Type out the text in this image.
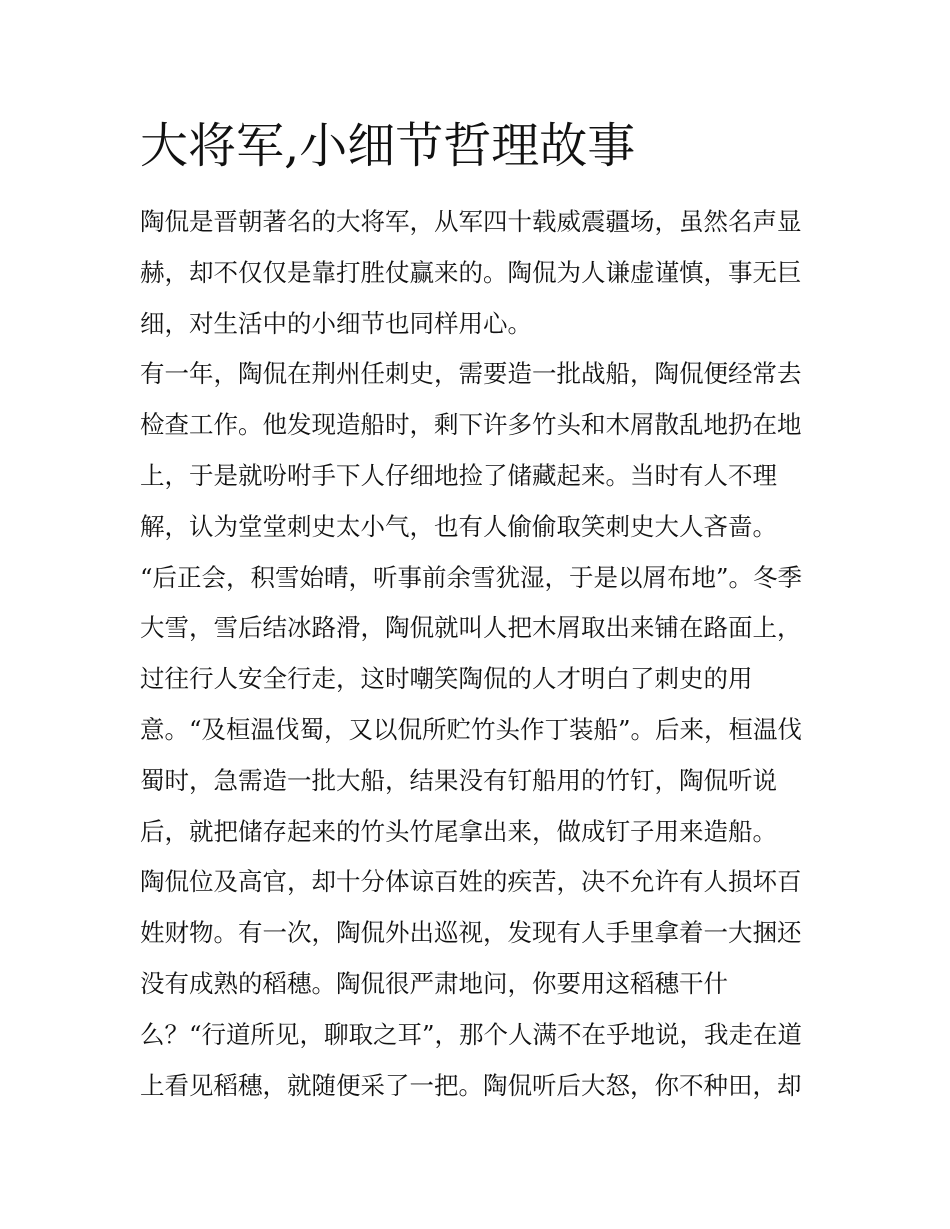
大将军,小细节哲理故事
陶侃是晋朝著名的大将军，从军四十载威震疆场，虽然名声显
赫，却不仅仅是靠打胜仗赢来的。陶侃为人谦虚谨慎，事无巨
细，对生活中的小细节也同样用心。
有一年，陶侃在荆州任刺史，需要造一批战船，陶侃便经常去
检查工作。他发现造船时，剩下许多竹头和木屑散乱地扔在地
上，于是就吩咐手下人仔细地捡了储藏起来。当时有人不理
解，认为堂堂刺史太小气，也有人偷偷取笑刺史大人吝啬。
“后正会，积雪始晴，听事前余雪犹湿，于是以屑布地”。冬季
大雪，雪后结冰路滑，陶侃就叫人把木屑取出来铺在路面上，
过往行人安全行走，这时嘲笑陶侃的人才明白了刺史的用
意。“及桓温伐蜀，又以侃所贮竹头作丁装船”。后来，桓温伐
蜀时，急需造一批大船，结果没有钉船用的竹钉，陶侃听说
后，就把储存起来的竹头竹尾拿出来，做成钉子用来造船。
陶侃位及高官，却十分体谅百姓的疾苦，决不允许有人损坏百
姓财物。有一次，陶侃外出巡视，发现有人手里拿着一大捆还
没有成熟的稻穗。陶侃很严肃地问，你要用这稻穗干什
么？“行道所见，聊取之耳”，那个人满不在乎地说，我走在道
上看见稻穗，就随便采了一把。陶侃听后大怒，你不种田，却
